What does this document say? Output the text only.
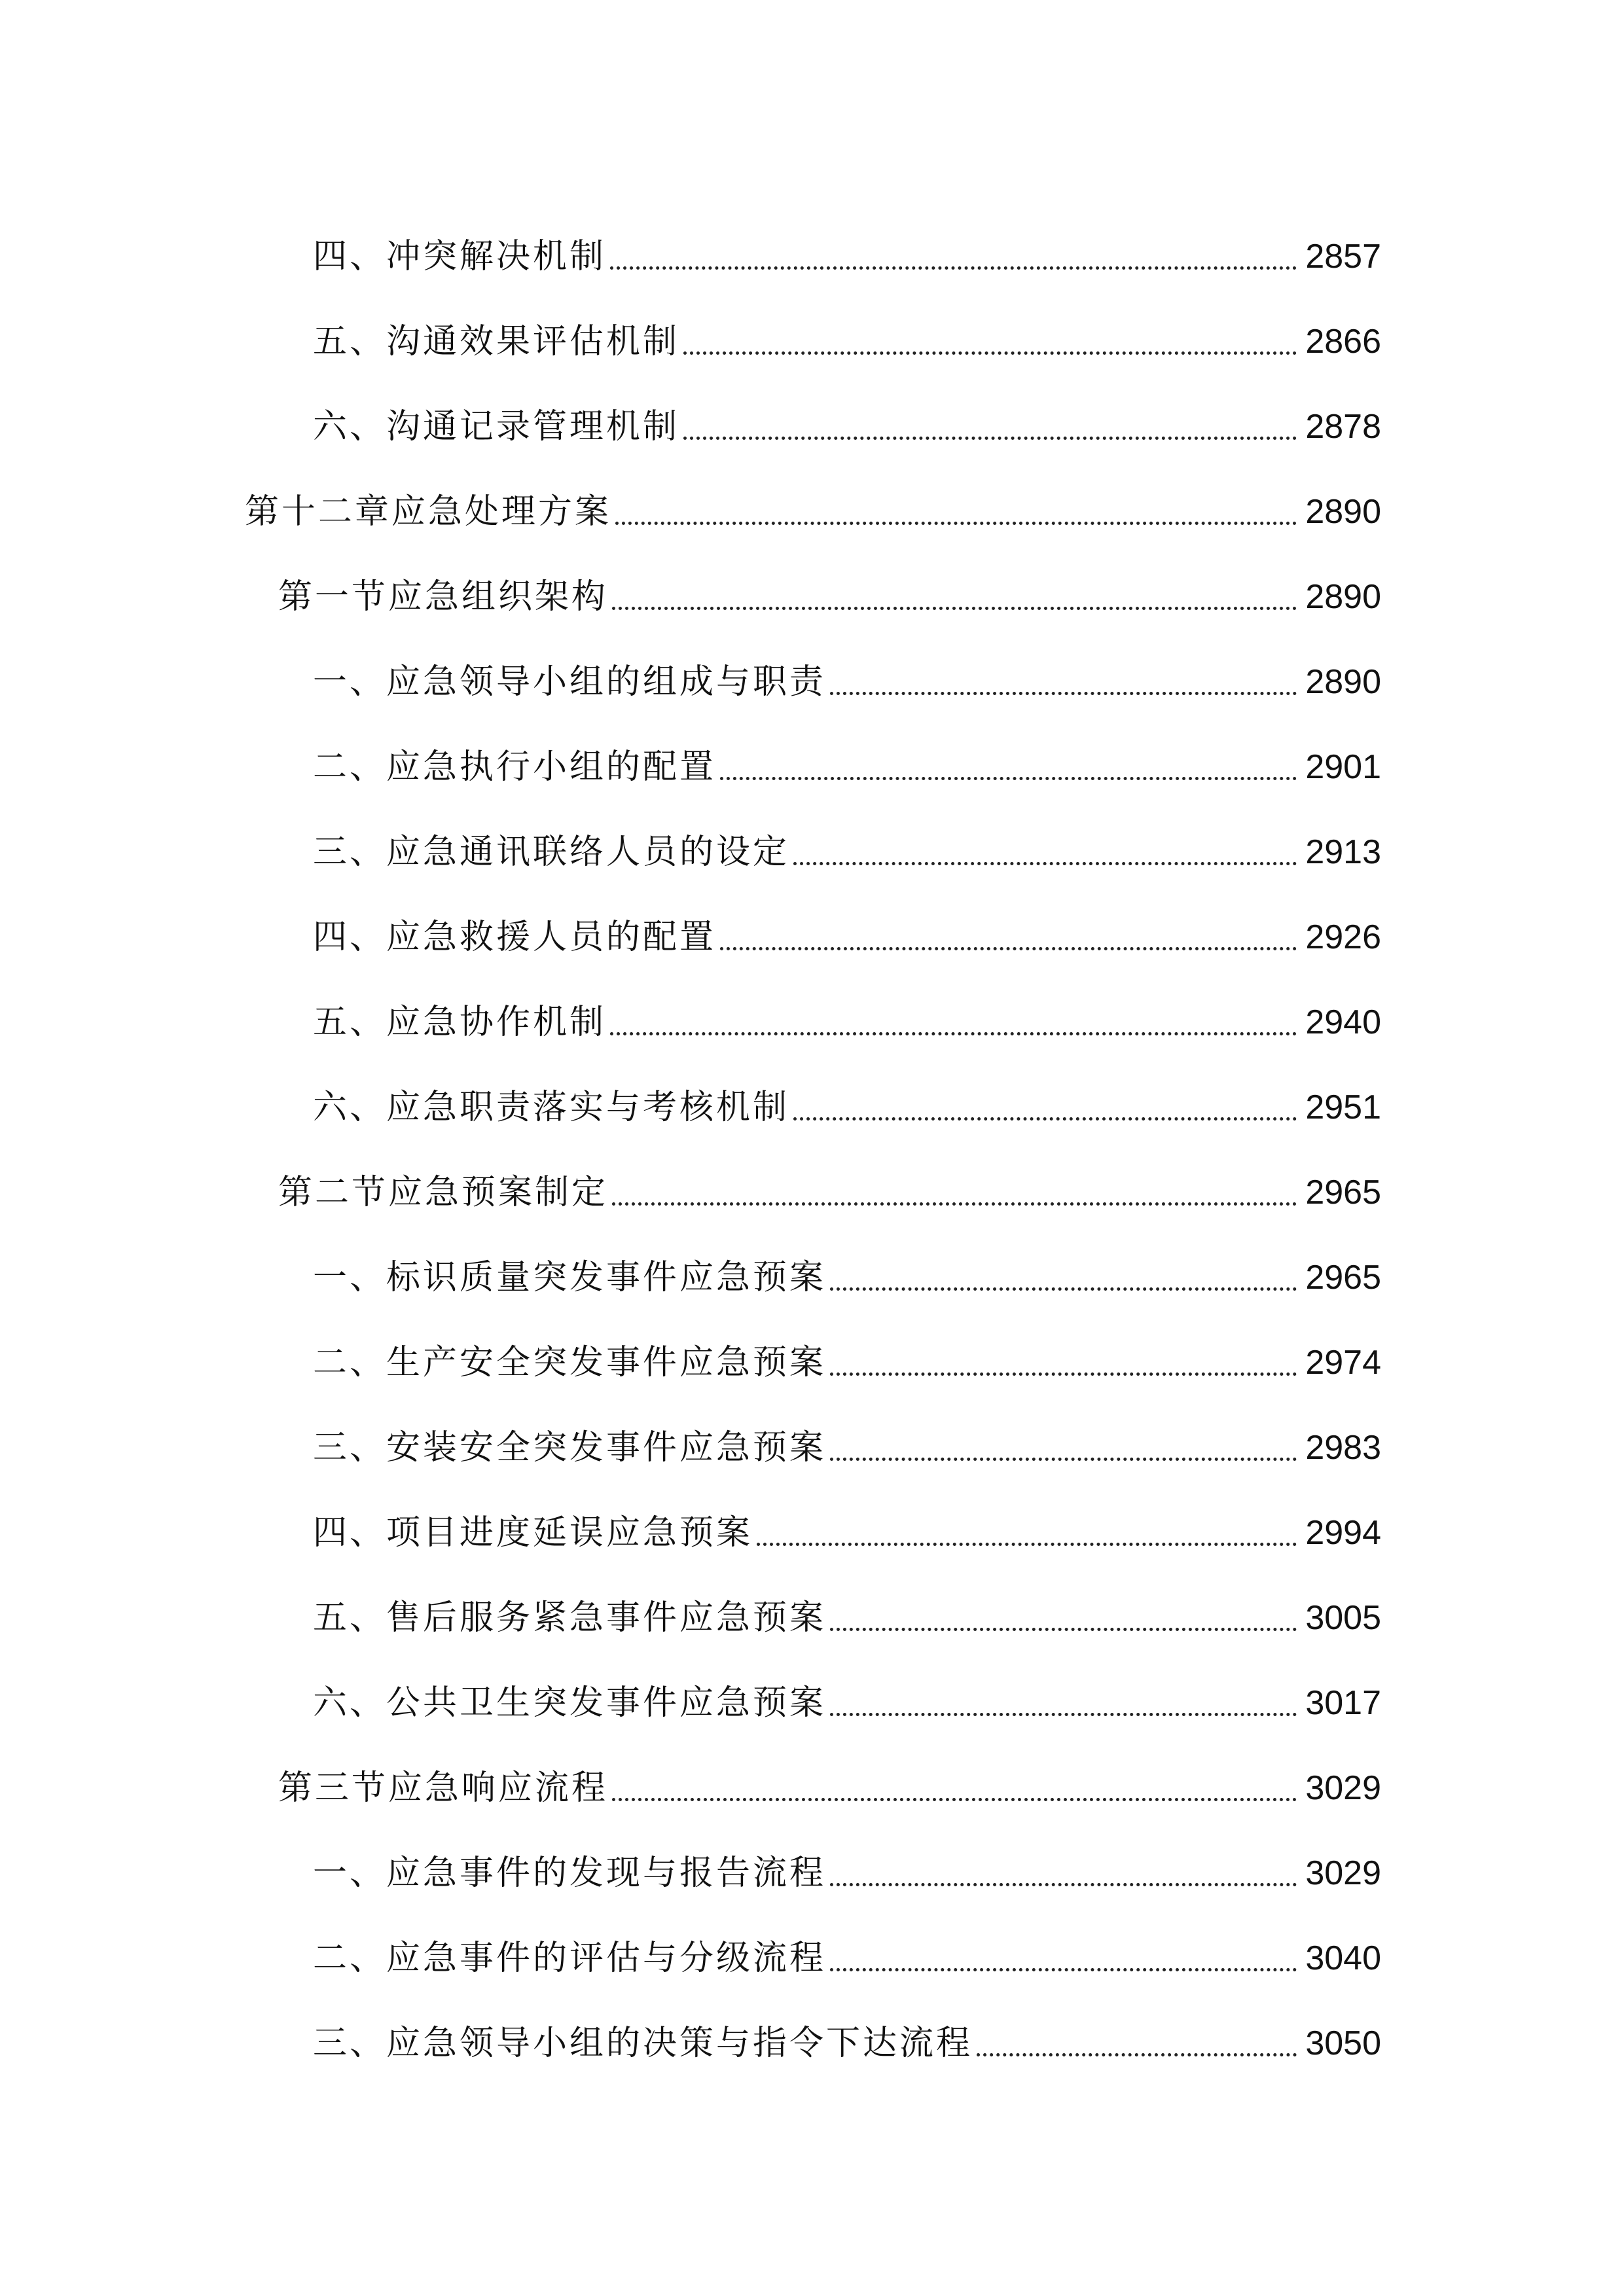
四、冲突解决机制	2857
五、沟通效果评估机制	2866
六、沟通记录管理机制	2878
第十二章应急处理方案	2890
第一节应急组织架构	2890
一、应急领导小组的组成与职责	2890
二、应急执行小组的配置	2901
三、应急通讯联络人员的设定	2913
四、应急救援人员的配置	2926
五、应急协作机制	2940
六、应急职责落实与考核机制	2951
第二节应急预案制定	2965
一、标识质量突发事件应急预案	2965
二、生产安全突发事件应急预案	2974
三、安装安全突发事件应急预案	2983
四、项目进度延误应急预案	2994
五、售后服务紧急事件应急预案	3005
六、公共卫生突发事件应急预案	3017
第三节应急响应流程	3029
一、应急事件的发现与报告流程	3029
二、应急事件的评估与分级流程	3040
三、应急领导小组的决策与指令下达流程	3050
